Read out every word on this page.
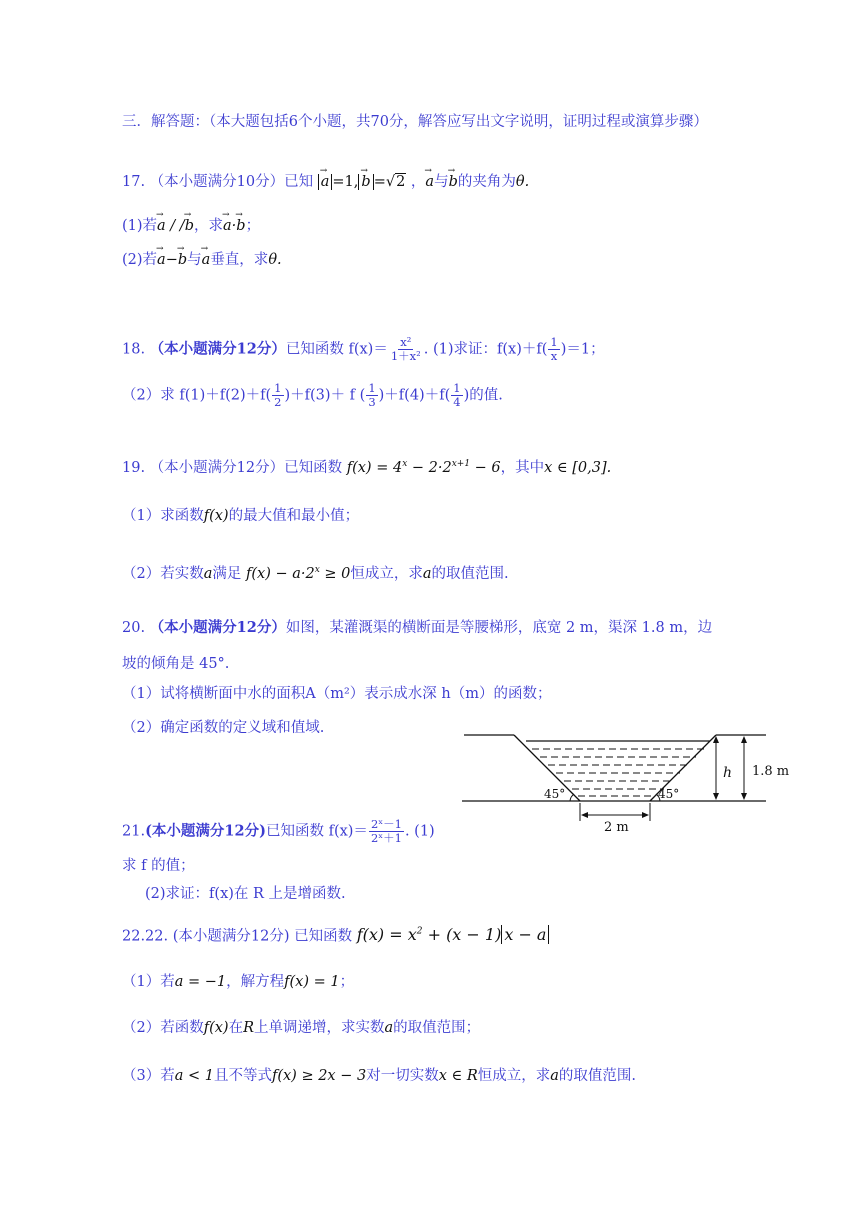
三．解答题：（本大题包括6个小题，共70分，解答应写出文字说明，证明过程或演算步骤）
17. （本小题满分10分）已知 → a =1, → b =√2 ，→ a与→ b的夹角为θ.
(1)若→ a / /→ b，求→ a·→ b；
(2)若→ a−→ b与→ a垂直，求θ.
18. （本小题满分12分）已知函数 $f(x)= \frac{\text{x²}}{\text{1＋x²}}$ . (1)求证：$f(x)+f( \frac{1}{x} )=1$；
（2）求 $f(1)+f(2)+f( \frac{1}{2} )+f(3)+ f$ ( $\frac{1}{3} )+f(4)+f( \frac{1}{4}$ )的值.
19. （本小题满分12分）已知函数 $f(x) = 4^x - 2\cdot 2^{x+1} - 6$，其中x ∈ [0,3].
（1）求函数f(x)的最大值和最小值；
（2）若实数a满足 $f(x) - a\cdot 2^x \ge 0$恒成立，求a的取值范围.
20. （本小题满分12分）如图，某灌溉渠的横断面是等腰梯形，底宽 2 m，渠深 1.8 m，边
坡的倾角是 45°.
（1）试将横断面中水的面积A（m²）表示成水深 h（m）的函数；
（2）确定函数的定义域和值域.
h 1.8 m
45°	45°
2 m
21.(本小题满分12分)已知函数 $f(x)= \frac{\text{2ˣ－1}}{\text{2ˣ＋1}}$ . (1)
求 f 的值；
(2)求证：f(x)在 R 上是增函数.
22.22. (本小题满分12分) 已知函数 $f(x) = x^2 + (x - 1) x - a$
（1）若a = −1，解方程f(x) = 1；
（2）若函数f(x)在R上单调递增，求实数a的取值范围；
（3）若a < 1且不等式f(x) ≥ 2x − 3对一切实数x ∈ R恒成立，求a的取值范围.
